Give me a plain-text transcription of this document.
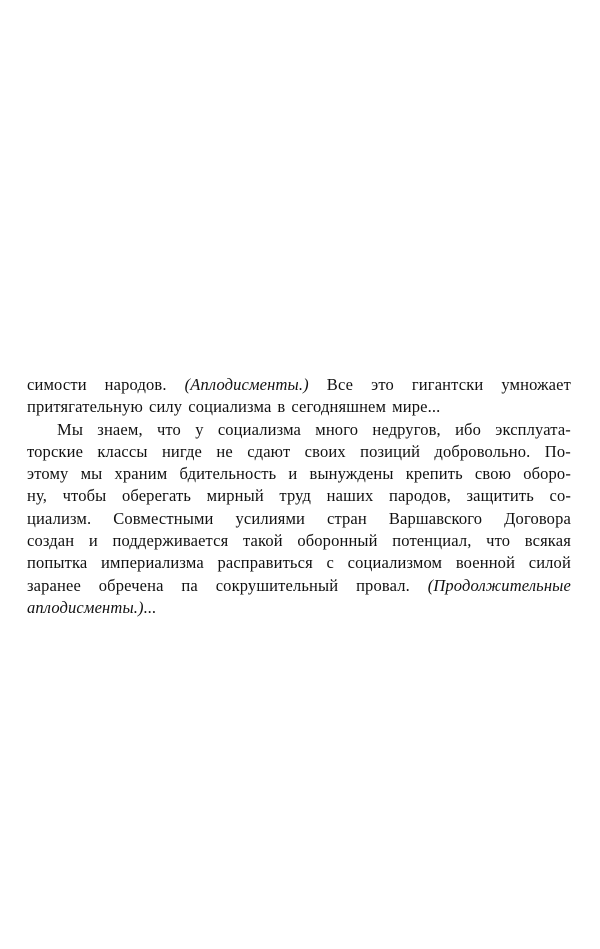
симости народов. (Аплодисменты.) Все это гигантски умножает
притягательную силу социализма в сегодняшнем мире...
Мы знаем, что у социализма много недругов, ибо эксплуата-
торские классы нигде не сдают своих позиций добровольно. По-
этому мы храним бдительность и вынуждены крепить свою оборо-
ну, чтобы оберегать мирный труд наших пародов, защитить со-
циализм. Совместными усилиями стран Варшавского Договора
создан и поддерживается такой оборонный потенциал, что всякая
попытка империализма расправиться с социализмом военной силой
заранее обречена па сокрушительный провал. (Продолжительные
аплодисменты.)...
